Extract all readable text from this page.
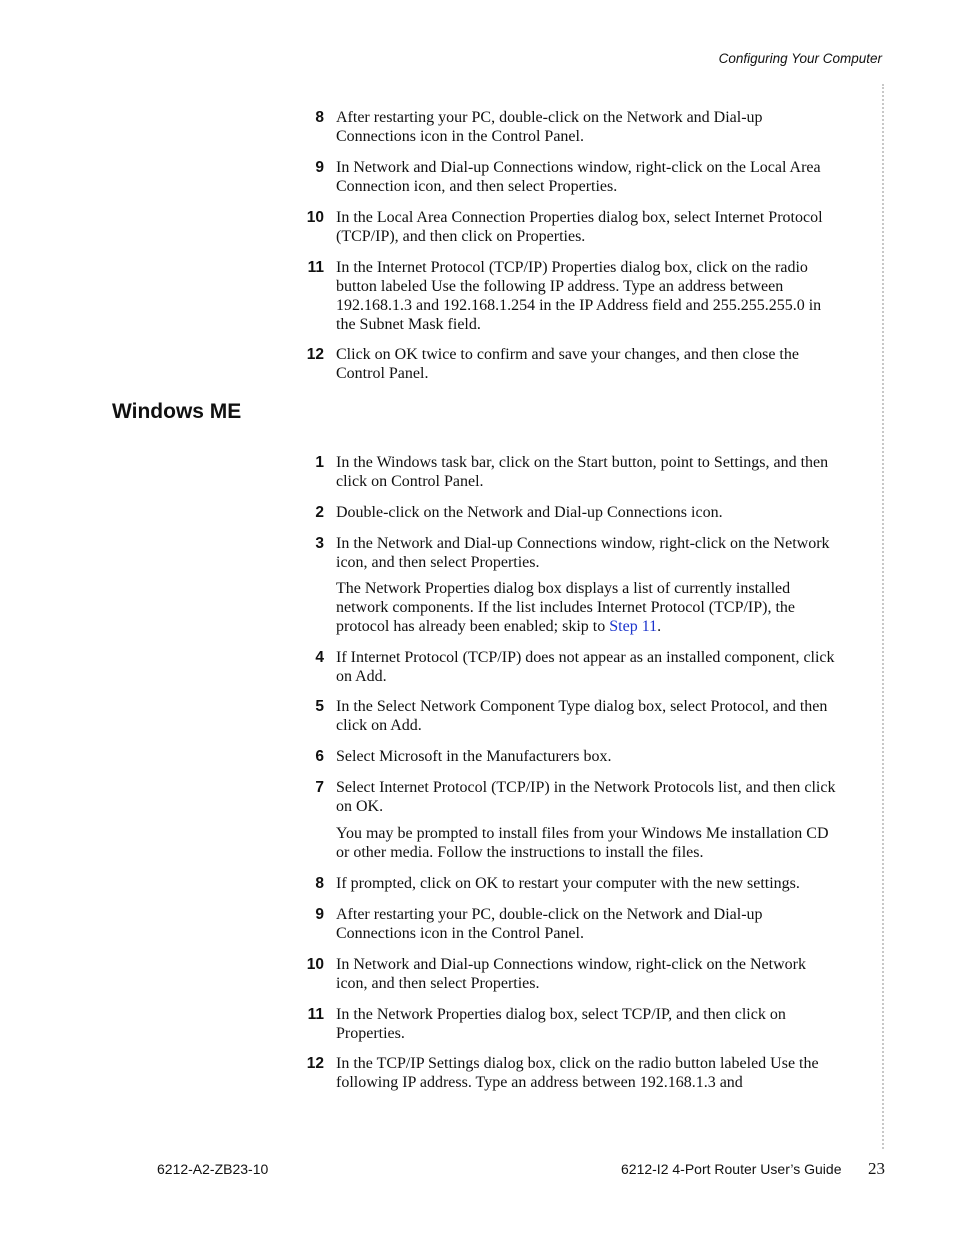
Configuring Your Computer
8 After restarting your PC, double-click on the Network and Dial-up Connections icon in the Control Panel.
9 In Network and Dial-up Connections window, right-click on the Local Area Connection icon, and then select Properties.
10 In the Local Area Connection Properties dialog box, select Internet Protocol (TCP/IP), and then click on Properties.
11 In the Internet Protocol (TCP/IP) Properties dialog box, click on the radio button labeled Use the following IP address. Type an address between 192.168.1.3 and 192.168.1.254 in the IP Address field and 255.255.255.0 in the Subnet Mask field.
12 Click on OK twice to confirm and save your changes, and then close the Control Panel.
Windows ME
1 In the Windows task bar, click on the Start button, point to Settings, and then click on Control Panel.
2 Double-click on the Network and Dial-up Connections icon.
3 In the Network and Dial-up Connections window, right-click on the Network icon, and then select Properties.
The Network Properties dialog box displays a list of currently installed network components. If the list includes Internet Protocol (TCP/IP), the protocol has already been enabled; skip to Step 11.
4 If Internet Protocol (TCP/IP) does not appear as an installed component, click on Add.
5 In the Select Network Component Type dialog box, select Protocol, and then click on Add.
6 Select Microsoft in the Manufacturers box.
7 Select Internet Protocol (TCP/IP) in the Network Protocols list, and then click on OK.
You may be prompted to install files from your Windows Me installation CD or other media. Follow the instructions to install the files.
8 If prompted, click on OK to restart your computer with the new settings.
9 After restarting your PC, double-click on the Network and Dial-up Connections icon in the Control Panel.
10 In Network and Dial-up Connections window, right-click on the Network icon, and then select Properties.
11 In the Network Properties dialog box, select TCP/IP, and then click on Properties.
12 In the TCP/IP Settings dialog box, click on the radio button labeled Use the following IP address. Type an address between 192.168.1.3 and
6212-A2-ZB23-10	6212-I2 4-Port Router User’s Guide 23
